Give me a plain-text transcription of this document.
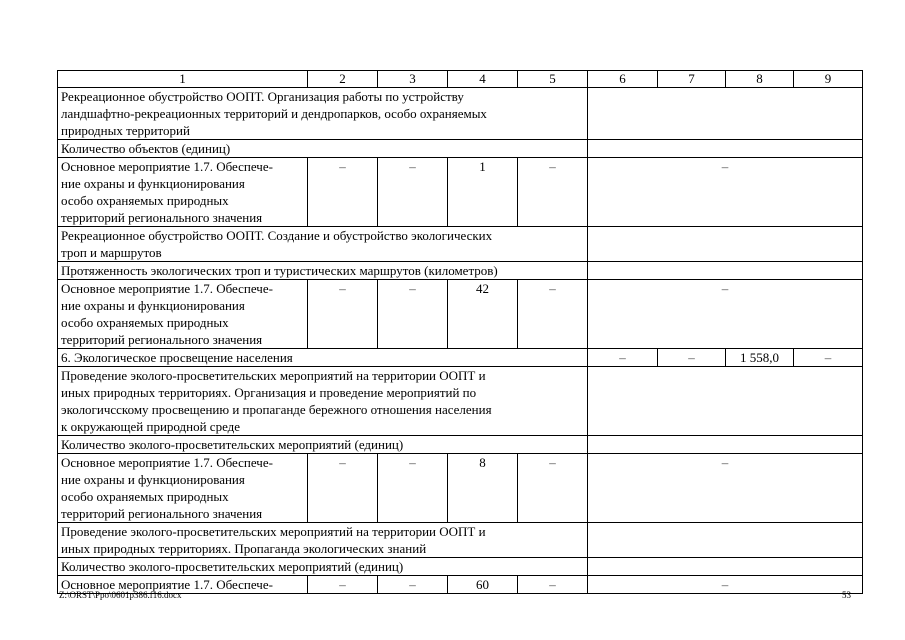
1	2	3	4	5	6	7	8	9

Рекреационное обустройство ООПТ. Организация работы по устройству
ландшафтно-рекреационных территорий и дендропарков, особо охраняемых
природных территорий								

Количество объектов (единиц)								

Основное мероприятие 1.7. Обеспече-
ние охраны и функционирования
особо охраняемых природных
территорий регионального значения	–	–	1	–	–			

Рекреационное обустройство ООПТ. Создание и обустройство экологических
троп и маршрутов								

Протяженность экологических троп и туристических маршрутов (километров)								

Основное мероприятие 1.7. Обеспече-
ние охраны и функционирования
особо охраняемых природных
территорий регионального значения	–	–	42	–	–			
6. Экологическое просвещение населения					–	–	1 558,0	–

Проведение эколого-просветительских мероприятий на территории ООПТ и
иных природных территориях. Организация и проведение мероприятий по
экологичсскому просвещению и пропаганде бережного отношения населения
к окружающей природной среде								

Количество эколого-просветительских мероприятий (единиц)								

Основное мероприятие 1.7. Обеспече-
ние охраны и функционирования
особо охраняемых природных
территорий регионального значения	–	–	8	–	–			

Проведение эколого-просветительских мероприятий на территории ООПТ и
иных природных территориях. Пропаганда экологических знаний								

Количество эколого-просветительских мероприятий (единиц)								
Основное мероприятие 1.7. Обеспече-	–	–	60	–	–			
Z:\ORST\Ppo\0601p386.f16.docx	53
